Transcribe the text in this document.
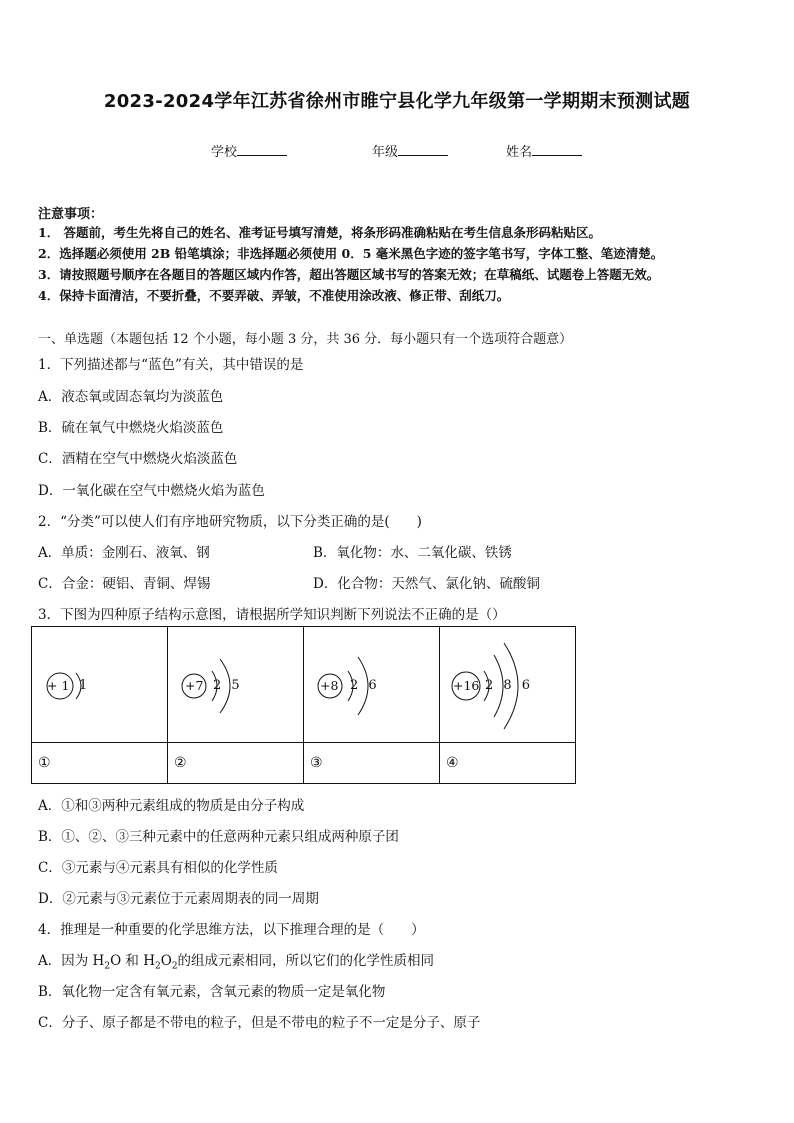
2023-2024学年江苏省徐州市睢宁县化学九年级第一学期期末预测试题
学校	年级	姓名
注意事项：
1． 答题前，考生先将自己的姓名、准考证号填写清楚，将条形码准确粘贴在考生信息条形码粘贴区。
2．选择题必须使用 2B 铅笔填涂；非选择题必须使用 0．5 毫米黑色字迹的签字笔书写，字体工整、笔迹清楚。
3．请按照题号顺序在各题目的答题区域内作答，超出答题区域书写的答案无效；在草稿纸、试题卷上答题无效。
4．保持卡面清洁，不要折叠，不要弄破、弄皱，不准使用涂改液、修正带、刮纸刀。
一、单选题（本题包括 12 个小题，每小题 3 分，共 36 分．每小题只有一个选项符合题意）
1．下列描述都与“蓝色”有关，其中错误的是
A．液态氧或固态氧均为淡蓝色
B．硫在氧气中燃烧火焰淡蓝色
C．酒精在空气中燃烧火焰淡蓝色
D．一氧化碳在空气中燃烧火焰为蓝色
2．“分类”可以使人们有序地研究物质，以下分类正确的是(　　)
A．单质：金刚石、液氧、钢	B．氧化物：水、二氧化碳、铁锈
C．合金：硬铝、青铜、焊锡	D．化合物：天然气、氯化钠、硫酸铜
3．下图为四种原子结构示意图，请根据所学知识判断下列说法不正确的是（）
+ 1 1	+7 2 5	+8 2 6	+16 2 8 6

①	②	③	④
A．①和③两种元素组成的物质是由分子构成
B．①、②、③三种元素中的任意两种元素只组成两种原子团
C．③元素与④元素具有相似的化学性质
D．②元素与③元素位于元素周期表的同一周期
4．推理是一种重要的化学思维方法，以下推理合理的是（　　）
A．因为 $H_2O$ 和 $H_2O_2$的组成元素相同，所以它们的化学性质相同
B．氧化物一定含有氧元素，含氧元素的物质一定是氧化物
C．分子、原子都是不带电的粒子，但是不带电的粒子不一定是分子、原子
